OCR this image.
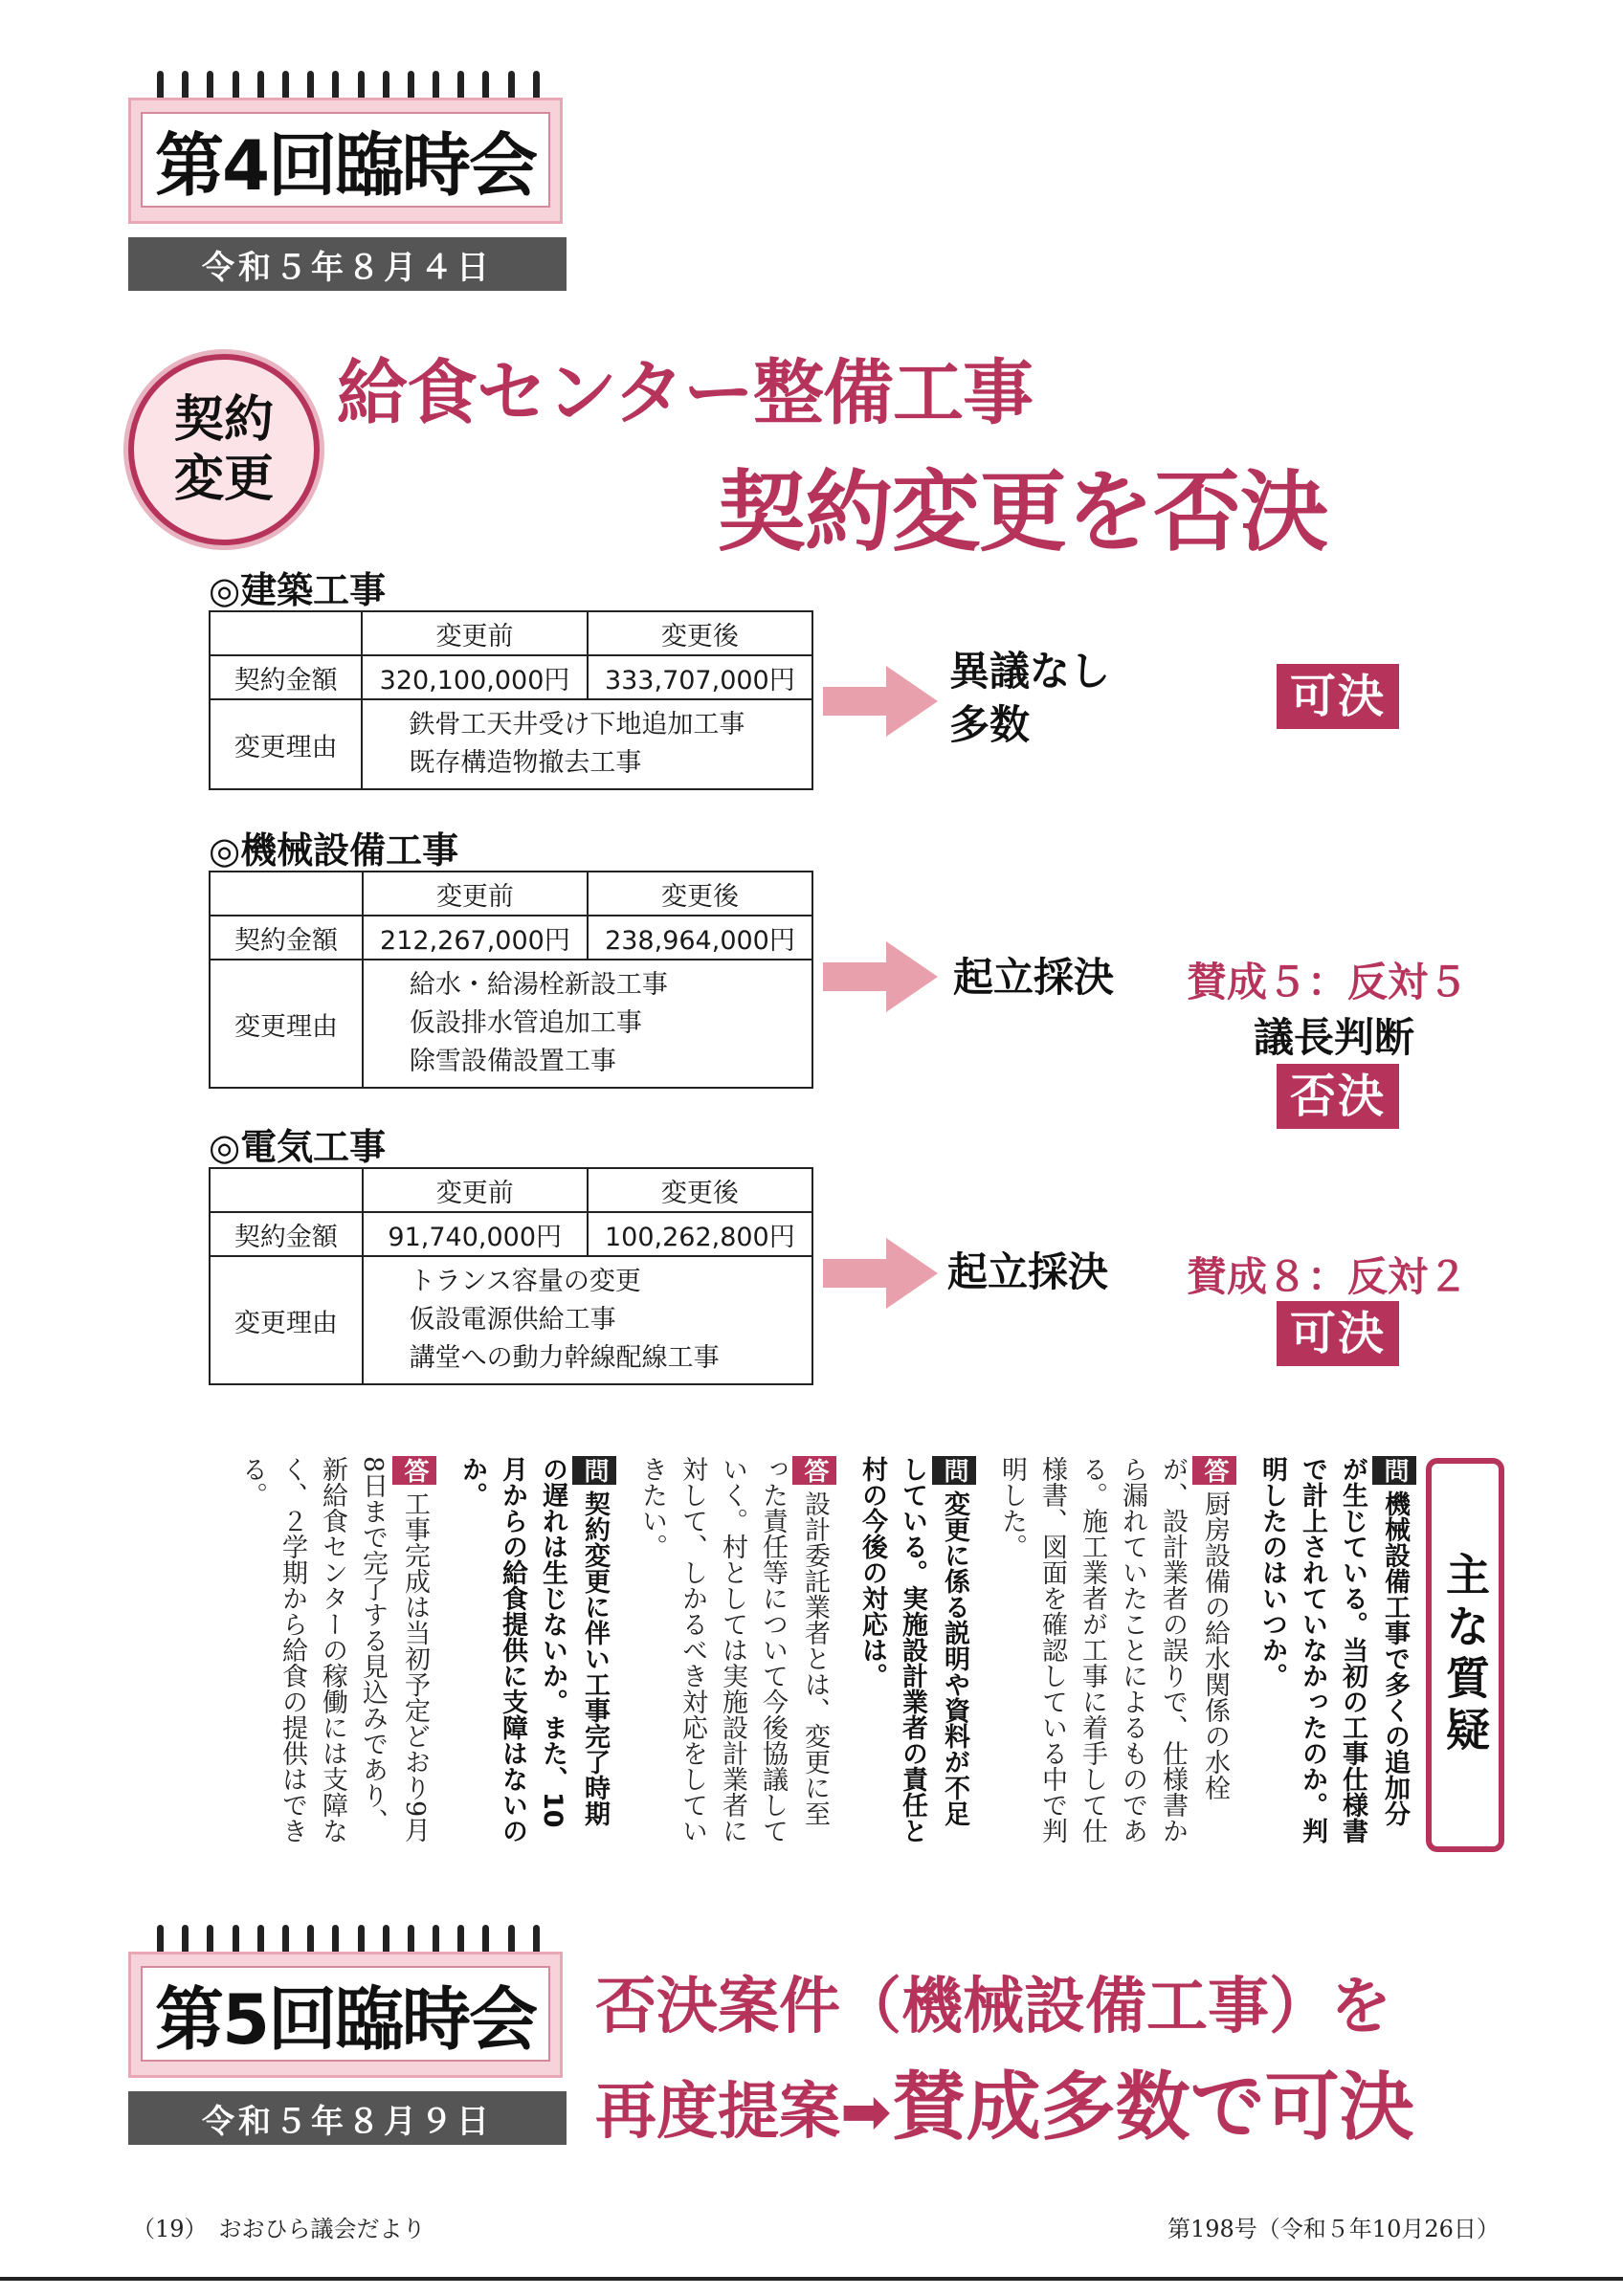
第4回臨時会
令和５年８月４日
契約
変更
給食センター整備工事
契約変更を否決
◎建築工事
	変更前	変更後
契約金額	320,100,000円	333,707,000円
変更理由	鉄骨工天井受け下地追加工事
既存構造物撤去工事	
異議なし
多数
可決
◎機械設備工事
	変更前	変更後
契約金額	212,267,000円	238,964,000円
変更理由	給水・給湯栓新設工事
仮設排水管追加工事
除雪設備設置工事	
起立採決 賛成５：反対５
議長判断
否決
◎電気工事
	変更前	変更後
契約金額	91,740,000円	100,262,800円
変更理由	トランス容量の変更
仮設電源供給工事
講堂への動力幹線配線工事	
起立採決 賛成８：反対２
可決
主な質疑
問機械設備工事で多くの追加分が生じている。当初の工事仕様書で計上されていなかったのか。判明したのはいつか。
答厨房設備の給水関係の水栓が、設計業者の誤りで、仕様書から漏れていたことによるものである。施工業者が工事に着手して仕様書、図面を確認している中で判明した。
問変更に係る説明や資料が不足している。実施設計業者の責任と村の今後の対応は。
答設計委託業者とは、変更に至った責任等について今後協議していく。村としては実施設計業者に対して、しかるべき対応をしていきたい。
問契約変更に伴い工事完了時期の遅れは生じないか。また、10月からの給食提供に支障はないのか。
答工事完成は当初予定どおり9月8日まで完了する見込みであり、新給食センターの稼働には支障なく、２学期から給食の提供はできる。
第5回臨時会
令和５年８月９日
否決案件（機械設備工事）を
再度提案➡賛成多数で可決
（19）　おおひら議会だより	第198号（令和５年10月26日）
